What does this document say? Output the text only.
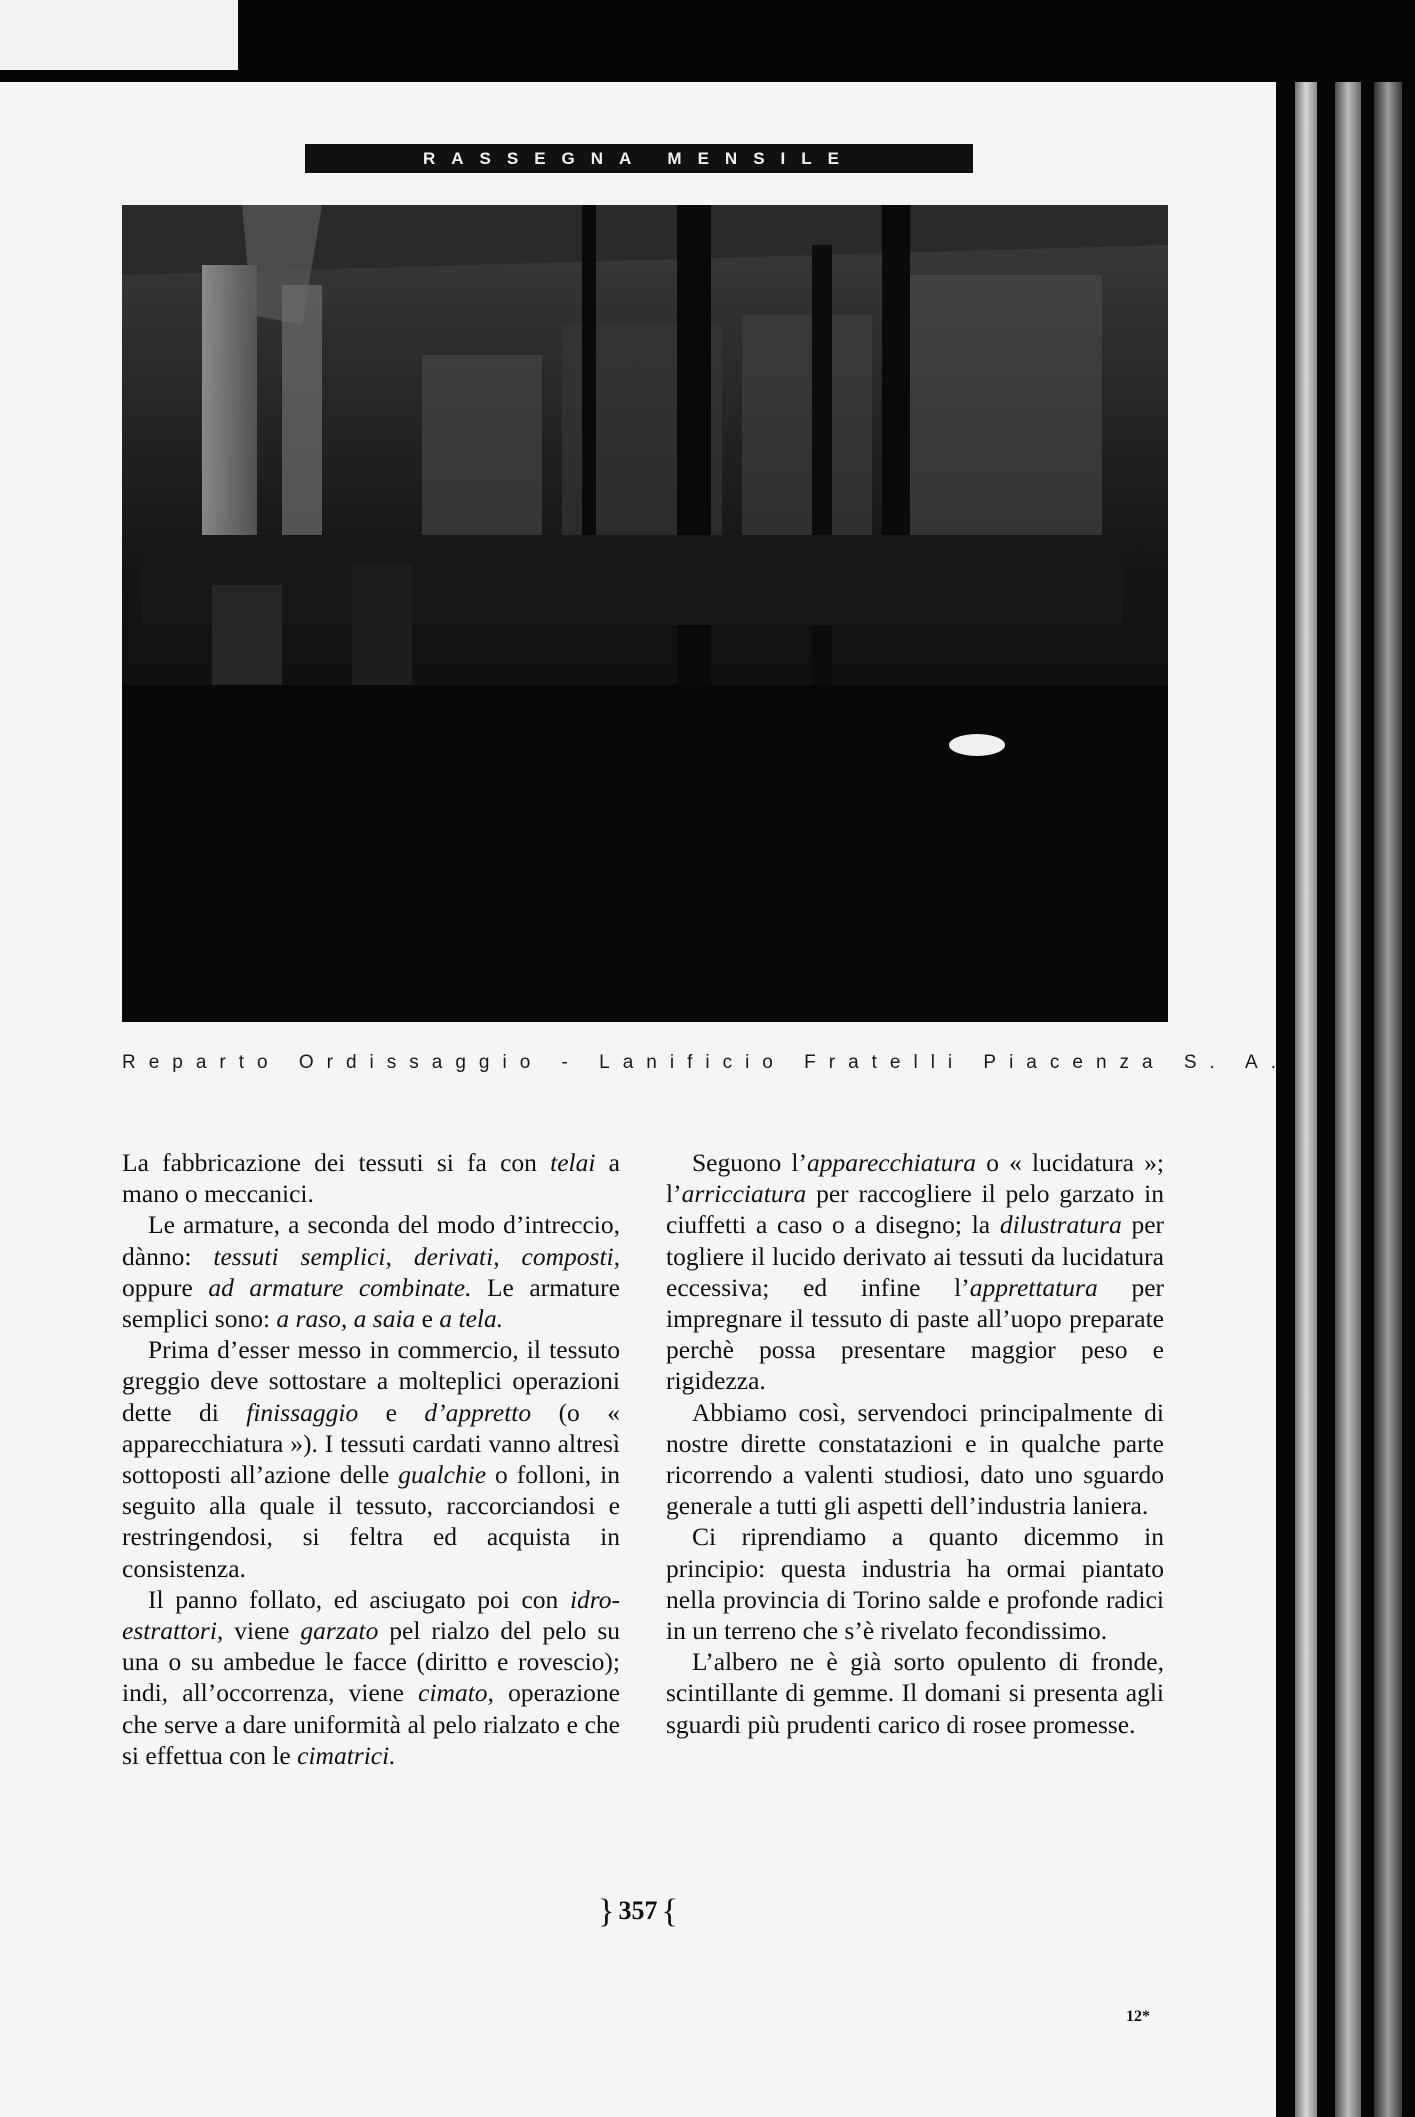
RASSEGNA MENSILE
Reparto Ordissaggio - Lanificio Fratelli Piacenza S. A.

La fabbricazione dei tessuti si fa con telai a mano o meccanici.

Le armature, a seconda del modo d’intreccio, dànno: tessuti semplici, derivati, composti, oppure ad armature combinate. Le armature semplici sono: a raso, a saia e a tela.

Prima d’esser messo in commercio, il tessuto greggio deve sottostare a molteplici operazioni dette di finissaggio e d’appretto (o « apparecchiatura »). I tessuti cardati vanno altresì sottoposti all’azione delle gualchie o folloni, in seguito alla quale il tessuto, raccorciandosi e restringendosi, si feltra ed acquista in consistenza.

Il panno follato, ed asciugato poi con idro-estrattori, viene garzato pel rialzo del pelo su una o su ambedue le facce (diritto e rovescio); indi, all’occorrenza, viene cimato, operazione che serve a dare uniformità al pelo rialzato e che si effettua con le cimatrici.

Seguono l’apparecchiatura o « lucidatura »; l’arricciatura per raccogliere il pelo garzato in ciuffetti a caso o a disegno; la dilustratura per togliere il lucido derivato ai tessuti da lucidatura eccessiva; ed infine l’apprettatura per impregnare il tessuto di paste all’uopo preparate perchè possa presentare maggior peso e rigidezza.

Abbiamo così, servendoci principalmente di nostre dirette constatazioni e in qualche parte ricorrendo a valenti studiosi, dato uno sguardo generale a tutti gli aspetti dell’industria laniera.

Ci riprendiamo a quanto dicemmo in principio: questa industria ha ormai piantato nella provincia di Torino salde e profonde radici in un terreno che s’è rivelato fecondissimo.

L’albero ne è già sorto opulento di fronde, scintillante di gemme. Il domani si presenta agli sguardi più prudenti carico di rosee promesse.

} 357 {
12*
